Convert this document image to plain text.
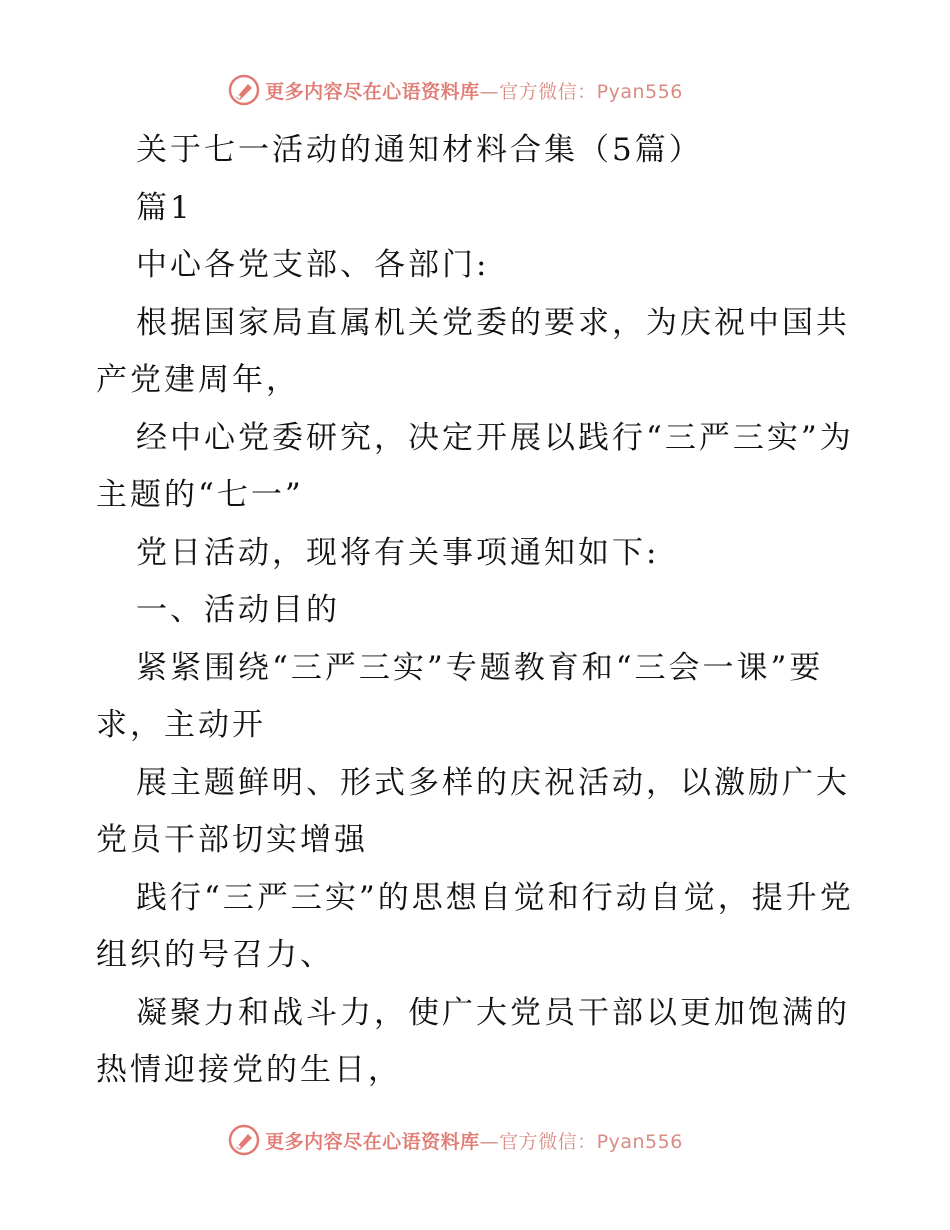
更多内容尽在心语资料库—官方微信：Pyan556

关于七一活动的通知材料合集（5篇）

篇1

中心各党支部、各部门:

根据国家局直属机关党委的要求，为庆祝中国共产党建周年，

经中心党委研究，决定开展以践行“三严三实”为主题的“七一”

党日活动，现将有关事项通知如下:

一、活动目的

紧紧围绕“三严三实”专题教育和“三会一课”要求，主动开

展主题鲜明、形式多样的庆祝活动，以激励广大党员干部切实增强

践行“三严三实”的思想自觉和行动自觉，提升党组织的号召力、

凝聚力和战斗力，使广大党员干部以更加饱满的热情迎接党的生日，

更多内容尽在心语资料库—官方微信：Pyan556
